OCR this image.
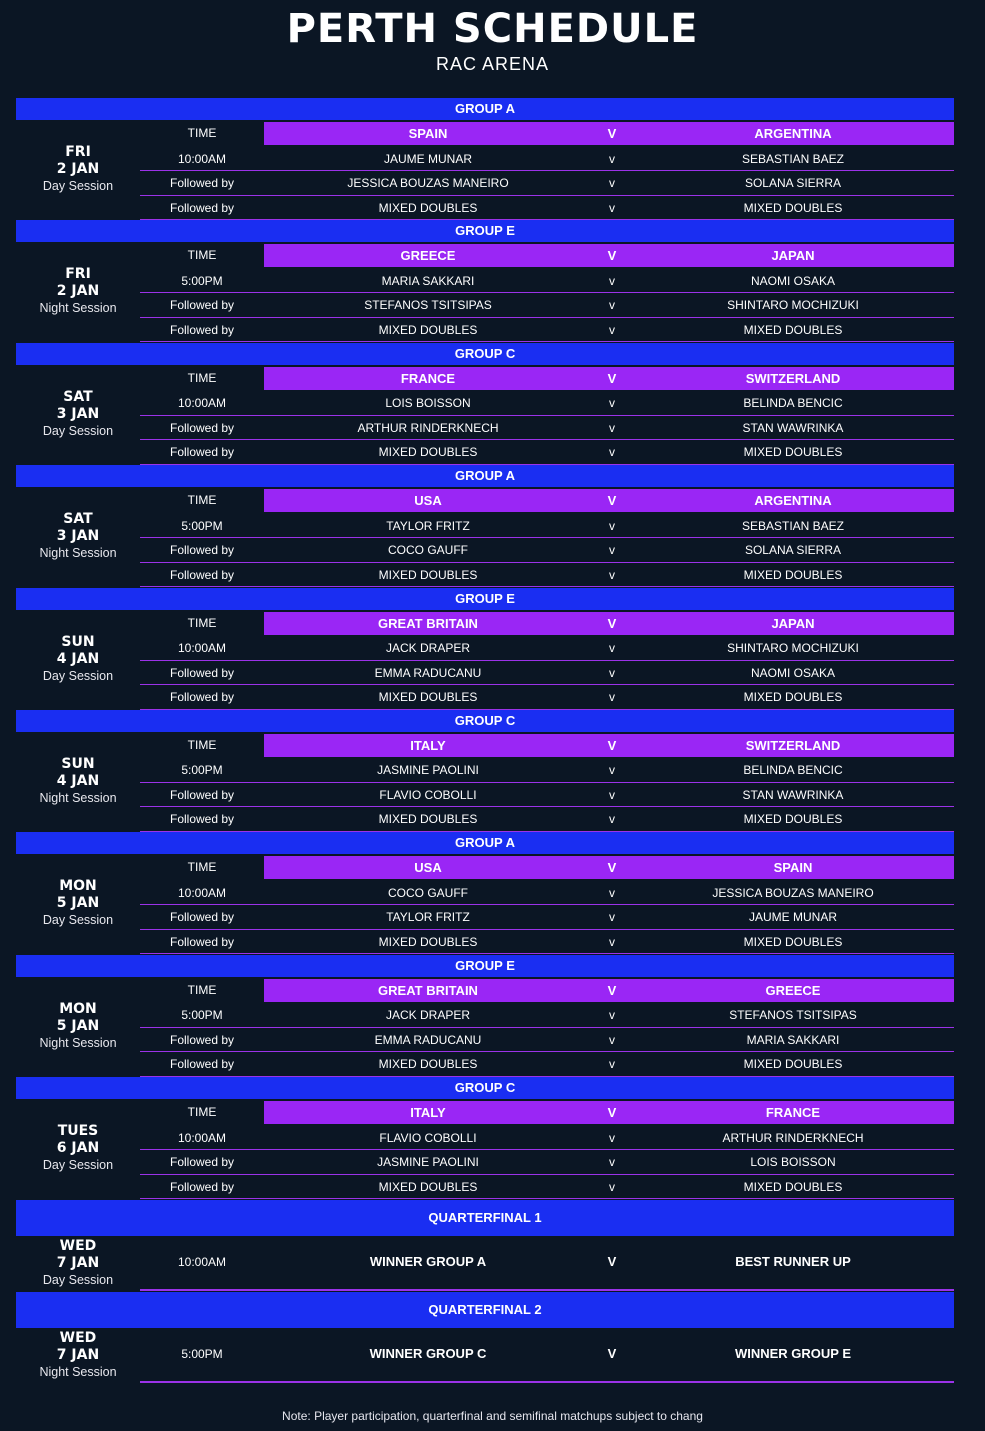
PERTH SCHEDULE
RAC ARENA
GROUP A
FRI
2 JAN
Day Session
TIME	SPAIN	V	ARGENTINA
10:00AM	JAUME MUNAR	v	SEBASTIAN BAEZ
Followed by	JESSICA BOUZAS MANEIRO	v	SOLANA SIERRA
Followed by	MIXED DOUBLES	v	MIXED DOUBLES
GROUP E
FRI
2 JAN
Night Session
TIME	GREECE	V	JAPAN
5:00PM	MARIA SAKKARI	v	NAOMI OSAKA
Followed by	STEFANOS TSITSIPAS	v	SHINTARO MOCHIZUKI
Followed by	MIXED DOUBLES	v	MIXED DOUBLES
GROUP C
SAT
3 JAN
Day Session
TIME	FRANCE	V	SWITZERLAND
10:00AM	LOIS BOISSON	v	BELINDA BENCIC
Followed by	ARTHUR RINDERKNECH	v	STAN WAWRINKA
Followed by	MIXED DOUBLES	v	MIXED DOUBLES
GROUP A
SAT
3 JAN
Night Session
TIME	USA	V	ARGENTINA
5:00PM	TAYLOR FRITZ	v	SEBASTIAN BAEZ
Followed by	COCO GAUFF	v	SOLANA SIERRA
Followed by	MIXED DOUBLES	v	MIXED DOUBLES
GROUP E
SUN
4 JAN
Day Session
TIME	GREAT BRITAIN	V	JAPAN
10:00AM	JACK DRAPER	v	SHINTARO MOCHIZUKI
Followed by	EMMA RADUCANU	v	NAOMI OSAKA
Followed by	MIXED DOUBLES	v	MIXED DOUBLES
GROUP C
SUN
4 JAN
Night Session
TIME	ITALY	V	SWITZERLAND
5:00PM	JASMINE PAOLINI	v	BELINDA BENCIC
Followed by	FLAVIO COBOLLI	v	STAN WAWRINKA
Followed by	MIXED DOUBLES	v	MIXED DOUBLES
GROUP A
MON
5 JAN
Day Session
TIME	USA	V	SPAIN
10:00AM	COCO GAUFF	v	JESSICA BOUZAS MANEIRO
Followed by	TAYLOR FRITZ	v	JAUME MUNAR
Followed by	MIXED DOUBLES	v	MIXED DOUBLES
GROUP E
MON
5 JAN
Night Session
TIME	GREAT BRITAIN	V	GREECE
5:00PM	JACK DRAPER	v	STEFANOS TSITSIPAS
Followed by	EMMA RADUCANU	v	MARIA SAKKARI
Followed by	MIXED DOUBLES	v	MIXED DOUBLES
GROUP C
TUES
6 JAN
Day Session
TIME	ITALY	V	FRANCE
10:00AM	FLAVIO COBOLLI	v	ARTHUR RINDERKNECH
Followed by	JASMINE PAOLINI	v	LOIS BOISSON
Followed by	MIXED DOUBLES	v	MIXED DOUBLES
QUARTERFINAL 1
WED
7 JAN
Day Session
10:00AM	WINNER GROUP A	V	BEST RUNNER UP
QUARTERFINAL 2
WED
7 JAN
Night Session
5:00PM	WINNER GROUP C	V	WINNER GROUP E
Note: Player participation, quarterfinal and semifinal matchups subject to chang
